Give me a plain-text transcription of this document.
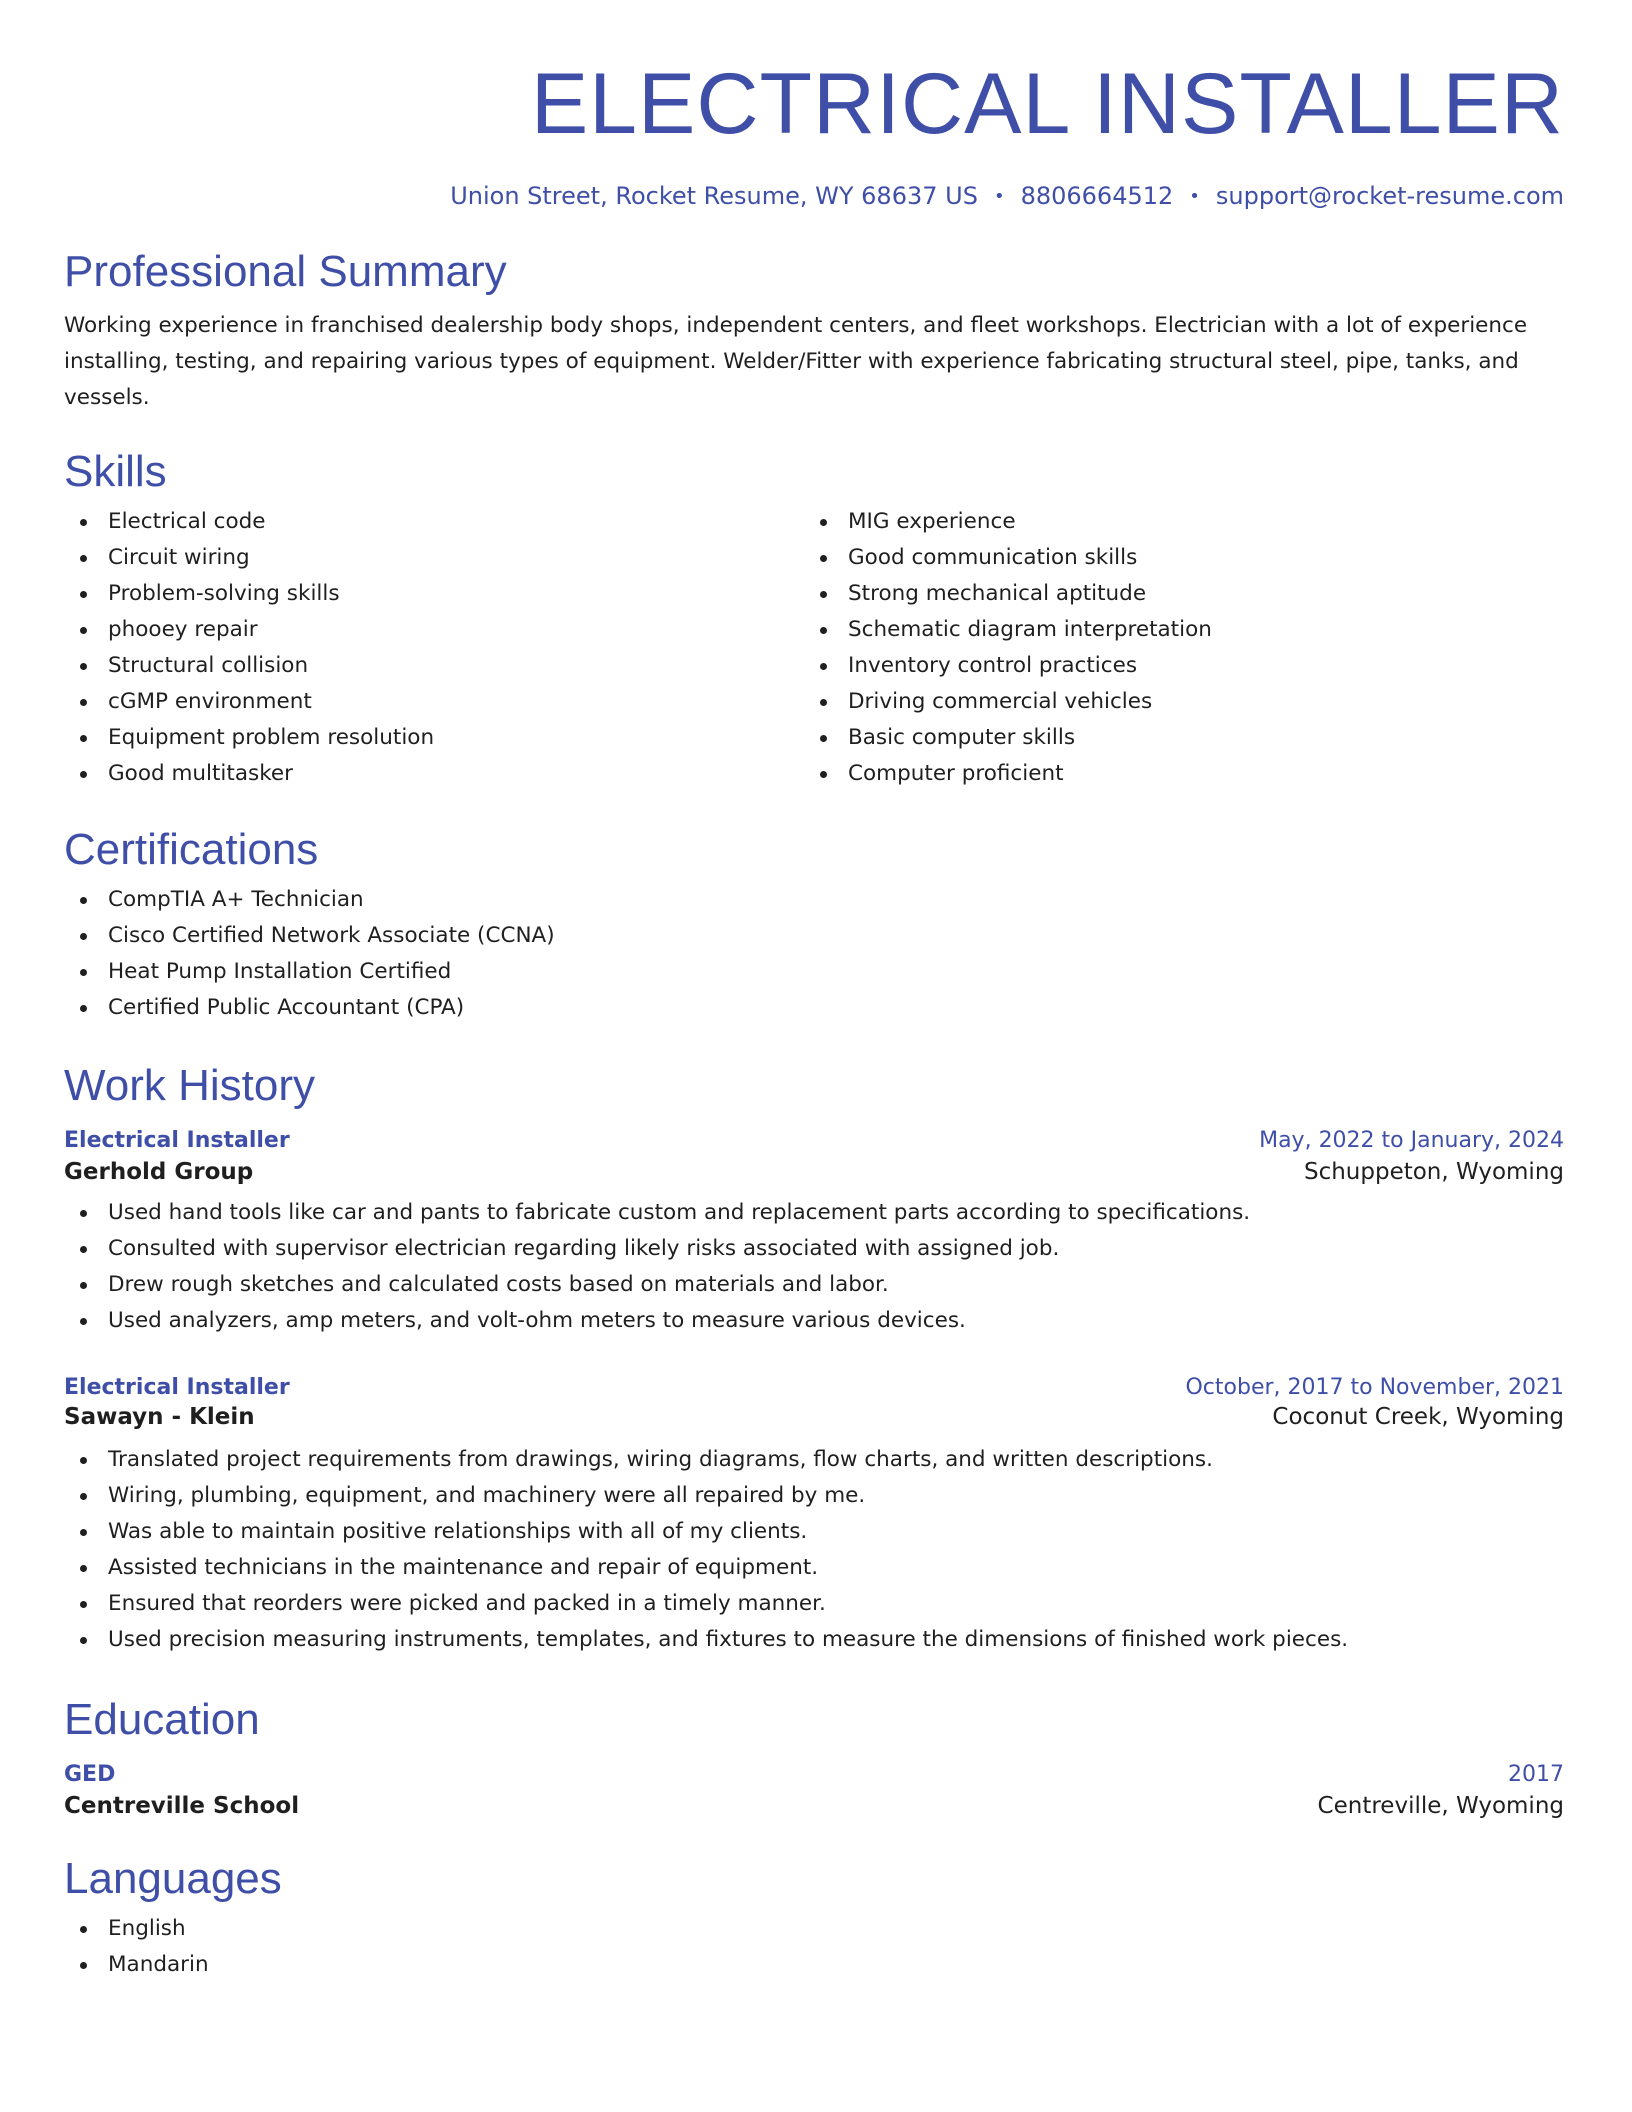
ELECTRICAL INSTALLER
Union Street, Rocket Resume, WY 68637 US • 8806664512 • support@rocket-resume.com
Professional Summary

Working experience in franchised dealership body shops, independent centers, and fleet workshops. Electrician with a lot of experience installing, testing, and repairing various types of equipment. Welder/Fitter with experience fabricating structural steel, pipe, tanks, and vessels.

Skills
Electrical code
Circuit wiring
Problem-solving skills
phooey repair
Structural collision
cGMP environment
Equipment problem resolution
Good multitasker
MIG experience
Good communication skills
Strong mechanical aptitude
Schematic diagram interpretation
Inventory control practices
Driving commercial vehicles
Basic computer skills
Computer proficient
Certifications
CompTIA A+ Technician
Cisco Certified Network Associate (CCNA)
Heat Pump Installation Certified
Certified Public Accountant (CPA)
Work History
Electrical Installer	May, 2022 to January, 2024
Gerhold Group	Schuppeton, Wyoming
Used hand tools like car and pants to fabricate custom and replacement parts according to specifications.
Consulted with supervisor electrician regarding likely risks associated with assigned job.
Drew rough sketches and calculated costs based on materials and labor.
Used analyzers, amp meters, and volt-ohm meters to measure various devices.
Electrical Installer	October, 2017 to November, 2021
Sawayn - Klein	Coconut Creek, Wyoming
Translated project requirements from drawings, wiring diagrams, flow charts, and written descriptions.
Wiring, plumbing, equipment, and machinery were all repaired by me.
Was able to maintain positive relationships with all of my clients.
Assisted technicians in the maintenance and repair of equipment.
Ensured that reorders were picked and packed in a timely manner.
Used precision measuring instruments, templates, and fixtures to measure the dimensions of finished work pieces.
Education
GED	2017
Centreville School	Centreville, Wyoming
Languages
English
Mandarin
